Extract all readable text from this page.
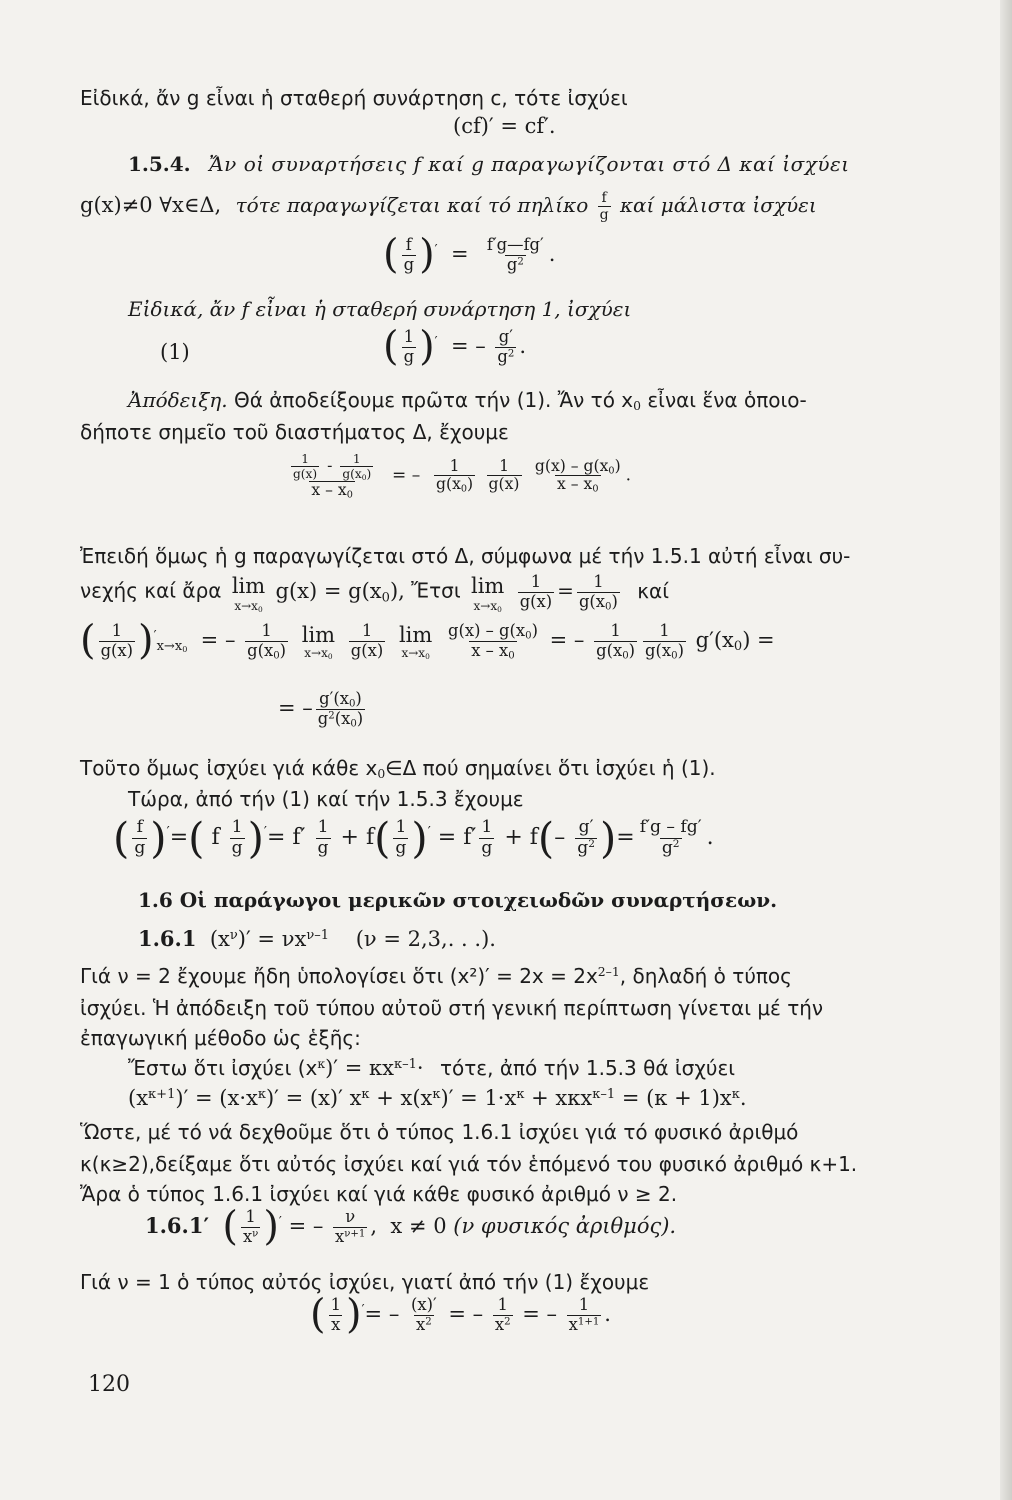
Εἰδικά, ἄν g εἶναι ἡ σταθερή συνάρτηση c, τότε ἰσχύει
(cf)′ = cf′.
1.5.4. Ἄν οἱ συναρτήσεις f καί g παραγωγίζονται στό Δ καί ἰσχύει
g(x)≠0 ∀x∈Δ, τότε παραγωγίζεται καί τό πηλίκο $\frac{f}{g}$ καί μάλιστα ἰσχύει
( $\frac{f}{g} )' = \frac{f'g—fg'}{g^2}$ .
Εἰδικά, ἄν f εἶναι ἡ σταθερή συνάρτηση 1, ἰσχύει
(1)	( $\frac{1}{g} )'$  = – $\frac{g'}{g^2}$ .
Ἀπόδειξη. Θά ἀποδείξουμε πρῶτα τήν (1). Ἄν τό $x_0$ εἶναι ἕνα ὁποιο-
δήποτε σημεῖο τοῦ διαστήματος Δ, ἔχουμε
$\frac{\frac{1}{g(x)} - \frac{1}{g(x_0)}}{x - x_0}$ = – $\frac{1}{g(x_0)}$
$\frac{1}{g(x)}$
$\frac{g(x) - g(x_0)}{x - x_0}$ .
Ἐπειδή ὅμως ἡ g παραγωγίζεται στό Δ, σύμφωνα μέ τήν 1.5.1 αὐτή εἶναι συ-
νεχής καί ἄρα lim
$x\to x_0$
$g(x) = g(x_0)$, Ἔτσι lim
$x\to x_0$
$\frac{1}{g(x)} = \frac{1}{g(x_0)}$ καί
( $\frac{1}{g(x)} )'_{x\to x_0}$  = – $\frac{1}{g(x_0)}$
lim
$x\to x_0$
$\frac{1}{g(x)}$
lim
$x\to x_0$
$\frac{g(x) - g(x_0)}{x - x_0}$ = – $\frac{1}{g(x_0)} \frac{1}{g(x_0)} g'(x_0)$ =
= – $\frac{g'(x_0)}{g^2(x_0)}$
Τοῦτο ὅμως ἰσχύει γιά κάθε $x_0\in\Delta$ πού σημαίνει ὅτι ἰσχύει ἡ (1).
Τώρα, ἀπό τήν (1) καί τήν 1.5.3 ἔχουμε
( $\frac{f}{g} )'=$( f $\frac{1}{g} )'= f' \frac{1}{g} + f( \frac{1}{g} )' = f' \frac{1}{g} + f(- \frac{g'}{g^2}$ )= $\frac{f'g - fg'}{g^2}$ .
1.6 Οἱ παράγωγοι μερικῶν στοιχειωδῶν συναρτήσεων.
1.6.1  $(x^\nu)' = \nu x^{\nu-1}$ (ν = 2,3,. . .).
Γιά ν = 2 ἔχουμε ἤδη ὑπολογίσει ὅτι $(x^2)' = 2x = 2x^{2-1}$, δηλαδή ὁ τύπος
ἰσχύει. Ἡ ἀπόδειξη τοῦ τύπου αὐτοῦ στή γενική περίπτωση γίνεται μέ τήν
ἐπαγωγική μέθοδο ὡς ἑξῆς:
Ἔστω ὅτι ἰσχύει $(x^\kappa)' = \kappa x^{\kappa-1}\cdot \tau ό\tau\varepsilon$, ἀπό τήν 1.5.3 θά ἰσχύει
$(x^{\kappa+1})' = (x\cdot x^\kappa)' = (x)'$ $x^\kappa + x(x^\kappa)' = 1\cdot x^\kappa + x\kappa x^{\kappa-1} = (\kappa + 1)x^\kappa$.
Ὥστε, μέ τό νά δεχθοῦμε ὅτι ὁ τύπος 1.6.1 ἰσχύει γιά τό φυσικό ἀριθμό
κ(κ≥2),δείξαμε ὅτι αὐτός ἰσχύει καί γιά τόν ἑπόμενό του φυσικό ἀριθμό κ+1.
Ἄρα ὁ τύπος 1.6.1 ἰσχύει καί γιά κάθε φυσικό ἀριθμό ν ≥ 2.
1.6.1′ ( $\frac{1}{x^\nu} )'$ = – $\frac{\nu}{x^{\nu+1}}$ ,  x ≠ 0 (ν φυσικός ἀριθμός).
Γιά ν = 1 ὁ τύπος αὐτός ἰσχύει, γιατί ἀπό τήν (1) ἔχουμε
( $\frac{1}{x} )'= - \frac{(x)'}{x^2}$ = – $\frac{1}{x^2}$ = – $\frac{1}{x^{1+1}}$ .
120
